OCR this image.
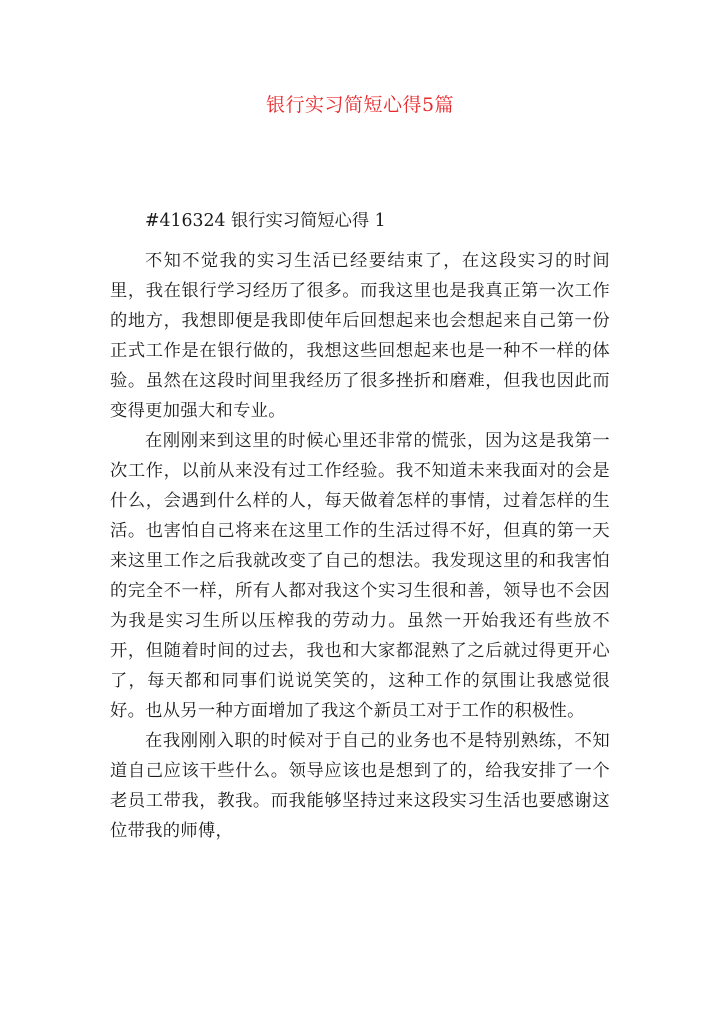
银行实习简短心得5篇

#416324 银行实习简短心得 1

不知不觉我的实习生活已经要结束了，在这段实习的时间里，我在银行学习经历了很多。而我这里也是我真正第一次工作的地方，我想即便是我即使年后回想起来也会想起来自己第一份正式工作是在银行做的，我想这些回想起来也是一种不一样的体验。虽然在这段时间里我经历了很多挫折和磨难，但我也因此而变得更加强大和专业。

在刚刚来到这里的时候心里还非常的慌张，因为这是我第一次工作，以前从来没有过工作经验。我不知道未来我面对的会是什么，会遇到什么样的人，每天做着怎样的事情，过着怎样的生活。也害怕自己将来在这里工作的生活过得不好，但真的第一天来这里工作之后我就改变了自己的想法。我发现这里的和我害怕的完全不一样，所有人都对我这个实习生很和善，领导也不会因为我是实习生所以压榨我的劳动力。虽然一开始我还有些放不开，但随着时间的过去，我也和大家都混熟了之后就过得更开心了，每天都和同事们说说笑笑的，这种工作的氛围让我感觉很好。也从另一种方面增加了我这个新员工对于工作的积极性。

在我刚刚入职的时候对于自己的业务也不是特别熟练，不知道自己应该干些什么。领导应该也是想到了的，给我安排了一个老员工带我，教我。而我能够坚持过来这段实习生活也要感谢这位带我的师傅，
